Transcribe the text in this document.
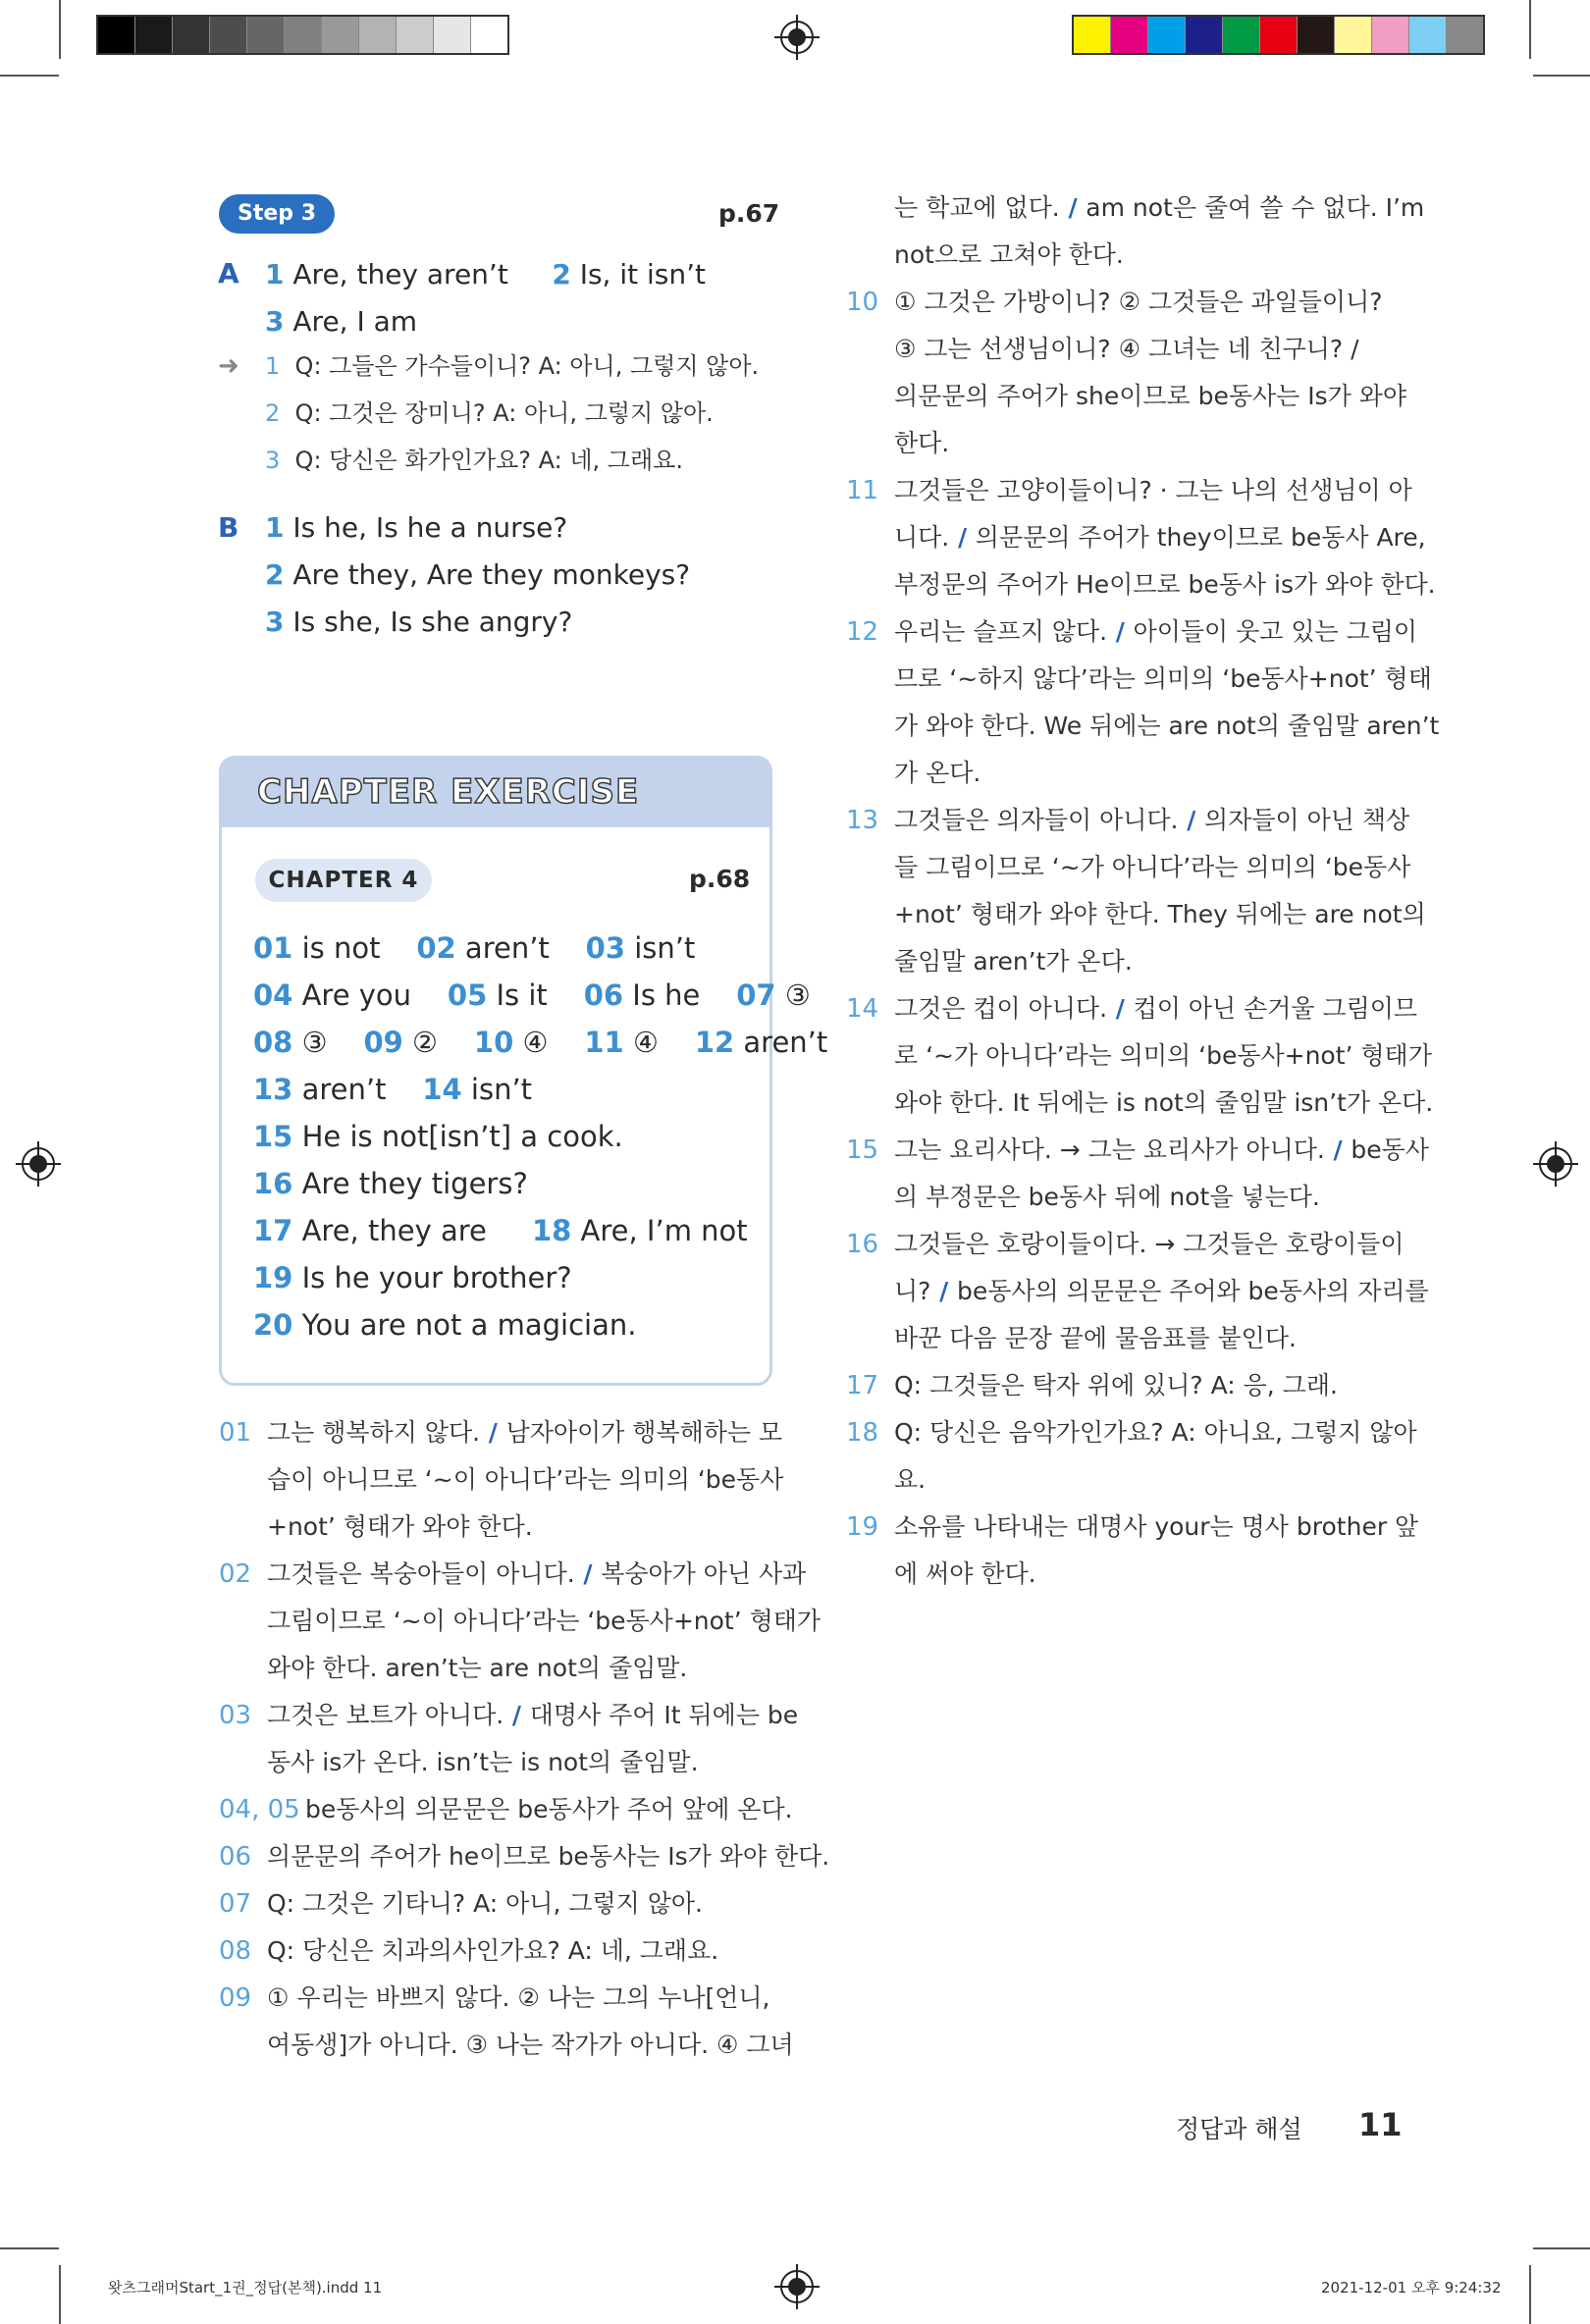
Step 3	p.67
A 1 Are, they aren’t 2 Is, it isn’t
3 Are, I am
➜ 1 Q: 그들은 가수들이니? A: 아니, 그렇지 않아.
2 Q: 그것은 장미니? A: 아니, 그렇지 않아.
3 Q: 당신은 화가인가요? A: 네, 그래요.
B 1 Is he, Is he a nurse?
2 Are they, Are they monkeys?
3 Is she, Is she angry?
CHAPTER EXERCISE
CHAPTER 4	p.68
01 is not 02 aren’t 03 isn’t
04 Are you 05 Is it 06 Is he 07 ③
08 ③ 09 ② 10 ④ 11 ④ 12 aren’t
13 aren’t 14 isn’t
15 He is not[isn’t] a cook.
16 Are they tigers?
17 Are, they are 18 Are, I’m not
19 Is he your brother?
20 You are not a magician.
01 그는 행복하지 않다. / 남자아이가 행복해하는 모
습이 아니므로 ‘~이 아니다’라는 의미의 ‘be동사
+not’ 형태가 와야 한다.
02 그것들은 복숭아들이 아니다. / 복숭아가 아닌 사과
그림이므로 ‘~이 아니다’라는 ‘be동사+not’ 형태가
와야 한다. aren’t는 are not의 줄임말.
03 그것은 보트가 아니다. / 대명사 주어 It 뒤에는 be
동사 is가 온다. isn’t는 is not의 줄임말.
04, 05 be동사의 의문문은 be동사가 주어 앞에 온다.
06 의문문의 주어가 he이므로 be동사는 Is가 와야 한다.
07 Q: 그것은 기타니? A: 아니, 그렇지 않아.
08 Q: 당신은 치과의사인가요? A: 네, 그래요.
09 ① 우리는 바쁘지 않다. ② 나는 그의 누나[언니,
여동생]가 아니다. ③ 나는 작가가 아니다. ④ 그녀
는 학교에 없다. / am not은 줄여 쓸 수 없다. I’m
not으로 고쳐야 한다.
10 ① 그것은 가방이니? ② 그것들은 과일들이니?
③ 그는 선생님이니? ④ 그녀는 네 친구니? /
의문문의 주어가 she이므로 be동사는 Is가 와야
한다.
11 그것들은 고양이들이니? · 그는 나의 선생님이 아
니다. / 의문문의 주어가 they이므로 be동사 Are,
부정문의 주어가 He이므로 be동사 is가 와야 한다.
12 우리는 슬프지 않다. / 아이들이 웃고 있는 그림이
므로 ‘~하지 않다’라는 의미의 ‘be동사+not’ 형태
가 와야 한다. We 뒤에는 are not의 줄임말 aren’t
가 온다.
13 그것들은 의자들이 아니다. / 의자들이 아닌 책상
들 그림이므로 ‘~가 아니다’라는 의미의 ‘be동사
+not’ 형태가 와야 한다. They 뒤에는 are not의
줄임말 aren’t가 온다.
14 그것은 컵이 아니다. / 컵이 아닌 손거울 그림이므
로 ‘~가 아니다’라는 의미의 ‘be동사+not’ 형태가
와야 한다. It 뒤에는 is not의 줄임말 isn’t가 온다.
15 그는 요리사다. → 그는 요리사가 아니다. / be동사
의 부정문은 be동사 뒤에 not을 넣는다.
16 그것들은 호랑이들이다. → 그것들은 호랑이들이
니? / be동사의 의문문은 주어와 be동사의 자리를
바꾼 다음 문장 끝에 물음표를 붙인다.
17 Q: 그것들은 탁자 위에 있니? A: 응, 그래.
18 Q: 당신은 음악가인가요? A: 아니요, 그렇지 않아
요.
19 소유를 나타내는 대명사 your는 명사 brother 앞
에 써야 한다.
정답과 해설 11
왓츠그래머Start_1권_정답(본책).indd 11	2021-12-01 오후 9:24:32
